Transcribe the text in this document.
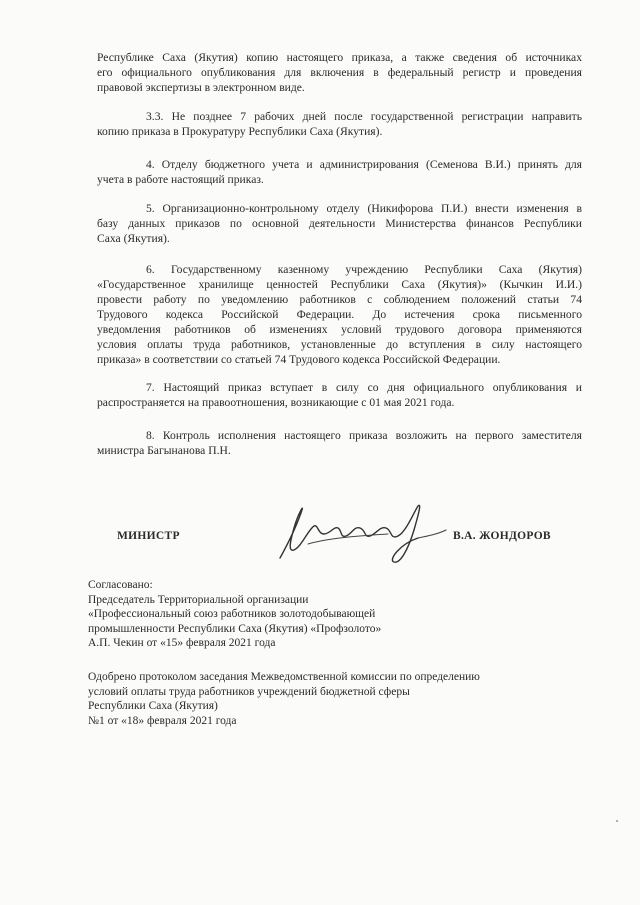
Республике Саха (Якутия) копию настоящего приказа, а также сведения об источниках
его официального опубликования для включения в федеральный регистр и проведения
правовой экспертизы в электронном виде.

3.3. Не позднее 7 рабочих дней после государственной регистрации направить
копию приказа в Прокуратуру Республики Саха (Якутия).

4. Отделу бюджетного учета и администрирования (Семенова В.И.) принять для
учета в работе настоящий приказ.

5. Организационно-контрольному отделу (Никифорова П.И.) внести изменения в
базу данных приказов по основной деятельности Министерства финансов Республики
Саха (Якутия).

6. Государственному казенному учреждению Республики Саха (Якутия)
«Государственное хранилище ценностей Республики Саха (Якутия)» (Кычкин И.И.)
провести работу по уведомлению работников с соблюдением положений статьи 74
Трудового кодекса Российской Федерации. До истечения срока письменного
уведомления работников об изменениях условий трудового договора применяются
условия оплаты труда работников, установленные до вступления в силу настоящего
приказа» в соответствии со статьей 74 Трудового кодекса Российской Федерации.

7. Настоящий приказ вступает в силу со дня официального опубликования и
распространяется на правоотношения, возникающие с 01 мая 2021 года.

8. Контроль исполнения настоящего приказа возложить на первого заместителя
министра Багынанова П.Н.

МИНИСТР	В.А. ЖОНДОРОВ

Согласовано:
Председатель Территориальной организации
«Профессиональный союз работников золотодобывающей
промышленности Республики Саха (Якутия) «Профзолото»
А.П. Чекин от «15» февраля 2021 года

Одобрено протоколом заседания Межведомственной комиссии по определению
условий оплаты труда работников учреждений бюджетной сферы
Республики Саха (Якутия)
№1 от «18» февраля 2021 года
